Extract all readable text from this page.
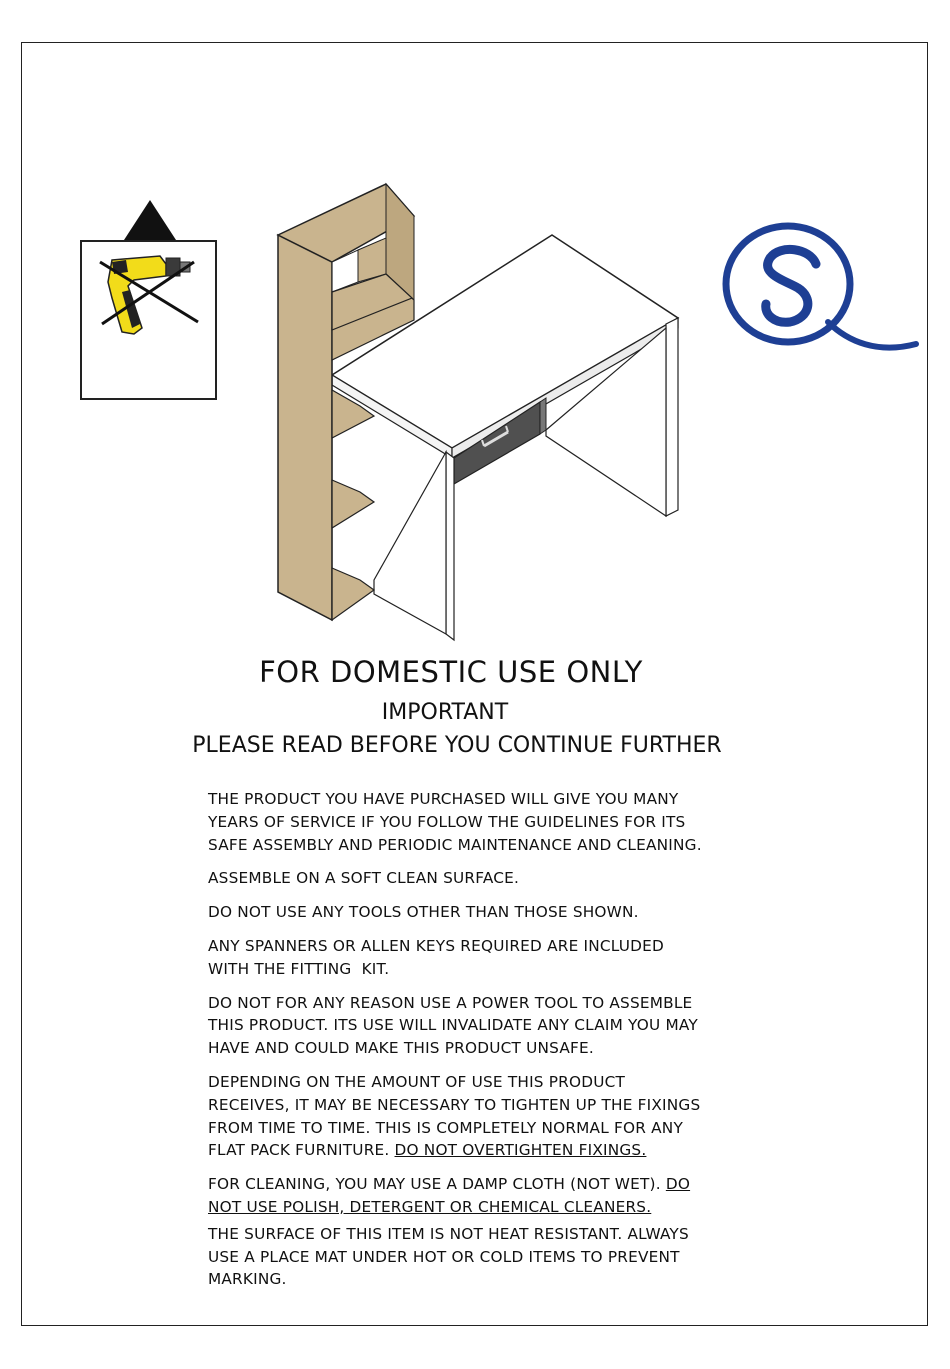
FOR DOMESTIC USE ONLY
IMPORTANT
PLEASE READ BEFORE YOU CONTINUE FURTHER

THE PRODUCT YOU HAVE PURCHASED WILL GIVE YOU MANY
YEARS OF SERVICE IF YOU FOLLOW THE GUIDELINES FOR ITS
SAFE ASSEMBLY AND PERIODIC MAINTENANCE AND CLEANING.

ASSEMBLE ON A SOFT CLEAN SURFACE.

DO NOT USE ANY TOOLS OTHER THAN THOSE SHOWN.

ANY SPANNERS OR ALLEN KEYS REQUIRED ARE INCLUDED
WITH THE FITTING  KIT.

DO NOT FOR ANY REASON USE A POWER TOOL TO ASSEMBLE
THIS PRODUCT. ITS USE WILL INVALIDATE ANY CLAIM YOU MAY
HAVE AND COULD MAKE THIS PRODUCT UNSAFE.

DEPENDING ON THE AMOUNT OF USE THIS PRODUCT
RECEIVES, IT MAY BE NECESSARY TO TIGHTEN UP THE FIXINGS
FROM TIME TO TIME. THIS IS COMPLETELY NORMAL FOR ANY
FLAT PACK FURNITURE. DO NOT OVERTIGHTEN FIXINGS.

FOR CLEANING, YOU MAY USE A DAMP CLOTH (NOT WET). DO
NOT USE POLISH, DETERGENT OR CHEMICAL CLEANERS.

THE SURFACE OF THIS ITEM IS NOT HEAT RESISTANT. ALWAYS
USE A PLACE MAT UNDER HOT OR COLD ITEMS TO PREVENT
MARKING.
